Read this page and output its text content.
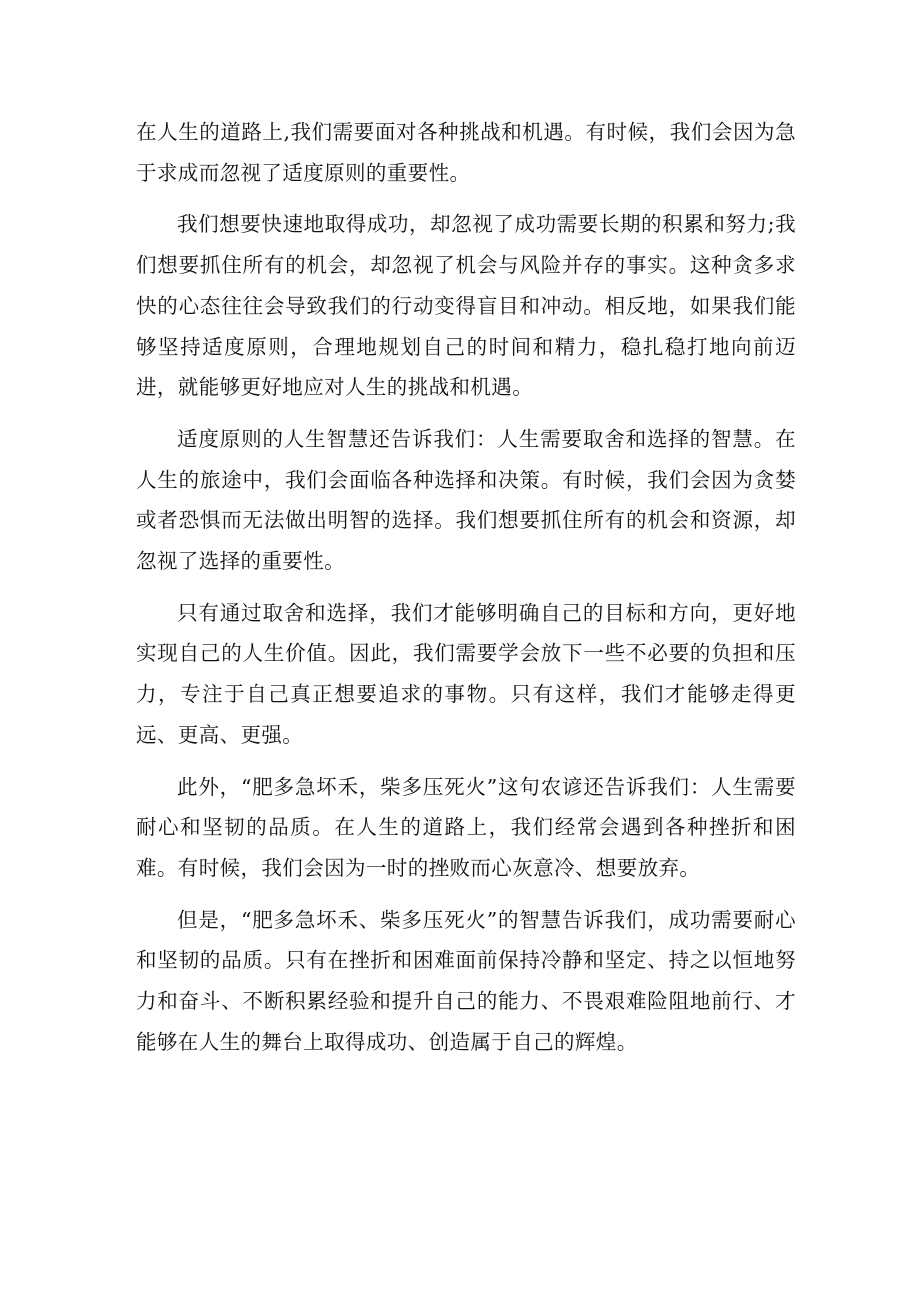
在人生的道路上,我们需要面对各种挑战和机遇。有时候，我们会因为急于求成而忽视了适度原则的重要性。

我们想要快速地取得成功，却忽视了成功需要长期的积累和努力;我们想要抓住所有的机会，却忽视了机会与风险并存的事实。这种贪多求快的心态往往会导致我们的行动变得盲目和冲动。相反地，如果我们能够坚持适度原则，合理地规划自己的时间和精力，稳扎稳打地向前迈进，就能够更好地应对人生的挑战和机遇。

适度原则的人生智慧还告诉我们：人生需要取舍和选择的智慧。在人生的旅途中，我们会面临各种选择和决策。有时候，我们会因为贪婪或者恐惧而无法做出明智的选择。我们想要抓住所有的机会和资源，却忽视了选择的重要性。

只有通过取舍和选择，我们才能够明确自己的目标和方向，更好地实现自己的人生价值。因此，我们需要学会放下一些不必要的负担和压力，专注于自己真正想要追求的事物。只有这样，我们才能够走得更远、更高、更强。

此外，“肥多急坏禾，柴多压死火”这句农谚还告诉我们：人生需要耐心和坚韧的品质。在人生的道路上，我们经常会遇到各种挫折和困难。有时候，我们会因为一时的挫败而心灰意冷、想要放弃。

但是，“肥多急坏禾、柴多压死火”的智慧告诉我们，成功需要耐心和坚韧的品质。只有在挫折和困难面前保持冷静和坚定、持之以恒地努力和奋斗、不断积累经验和提升自己的能力、不畏艰难险阻地前行、才能够在人生的舞台上取得成功、创造属于自己的辉煌。
